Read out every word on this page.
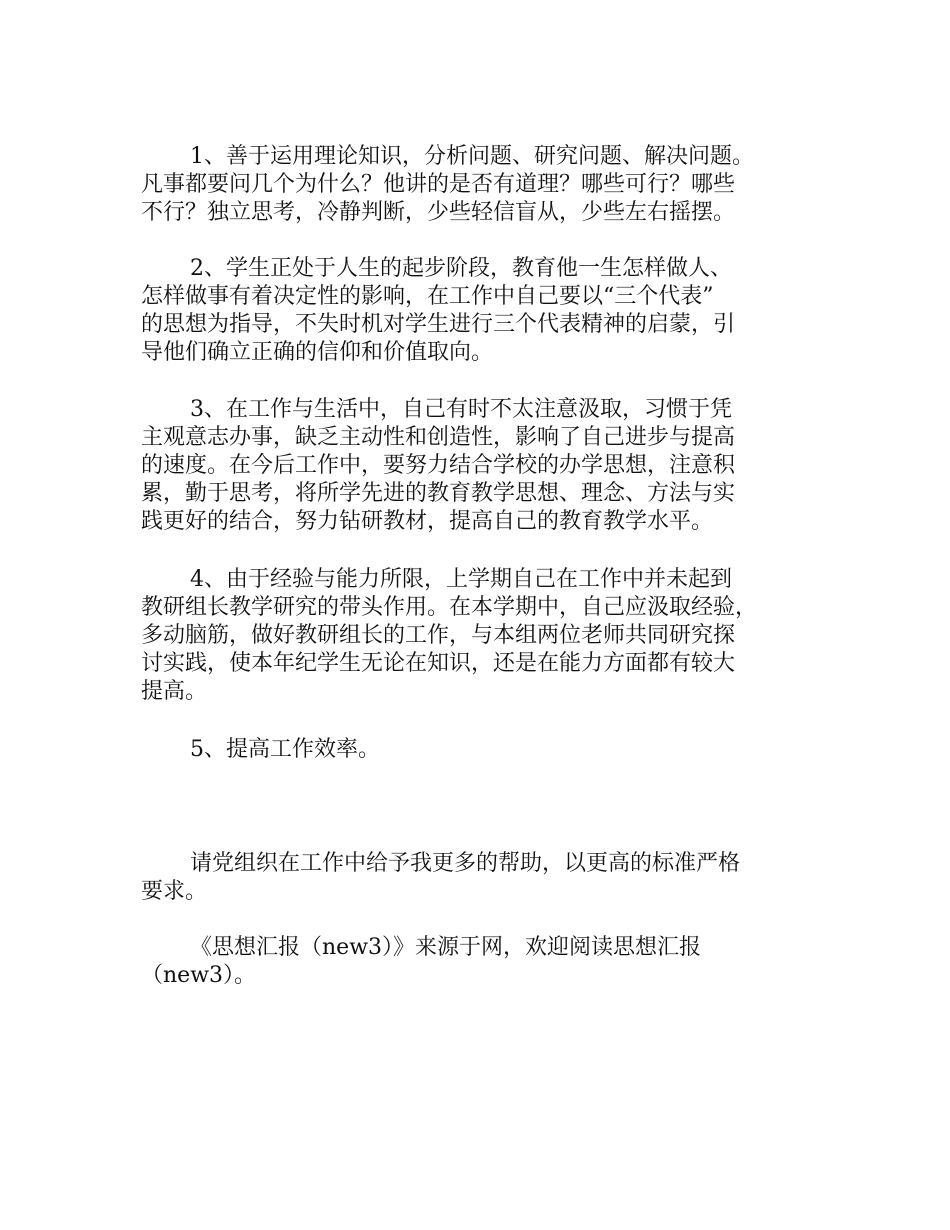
1、善于运用理论知识，分析问题、研究问题、解决问题。

凡事都要问几个为什么？他讲的是否有道理？哪些可行？哪些

不行？独立思考，冷静判断，少些轻信盲从，少些左右摇摆。

2、学生正处于人生的起步阶段，教育他一生怎样做人、

怎样做事有着决定性的影响，在工作中自己要以“三个代表”

的思想为指导，不失时机对学生进行三个代表精神的启蒙，引

导他们确立正确的信仰和价值取向。

3、在工作与生活中，自己有时不太注意汲取，习惯于凭

主观意志办事，缺乏主动性和创造性，影响了自己进步与提高

的速度。在今后工作中，要努力结合学校的办学思想，注意积

累，勤于思考，将所学先进的教育教学思想、理念、方法与实

践更好的结合，努力钻研教材，提高自己的教育教学水平。

4、由于经验与能力所限，上学期自己在工作中并未起到

教研组长教学研究的带头作用。在本学期中，自己应汲取经验，

多动脑筋，做好教研组长的工作，与本组两位老师共同研究探

讨实践，使本年纪学生无论在知识，还是在能力方面都有较大

提高。

5、提高工作效率。

请党组织在工作中给予我更多的帮助，以更高的标准严格

要求。

《思想汇报（new3）》来源于网，欢迎阅读思想汇报

（new3）。
